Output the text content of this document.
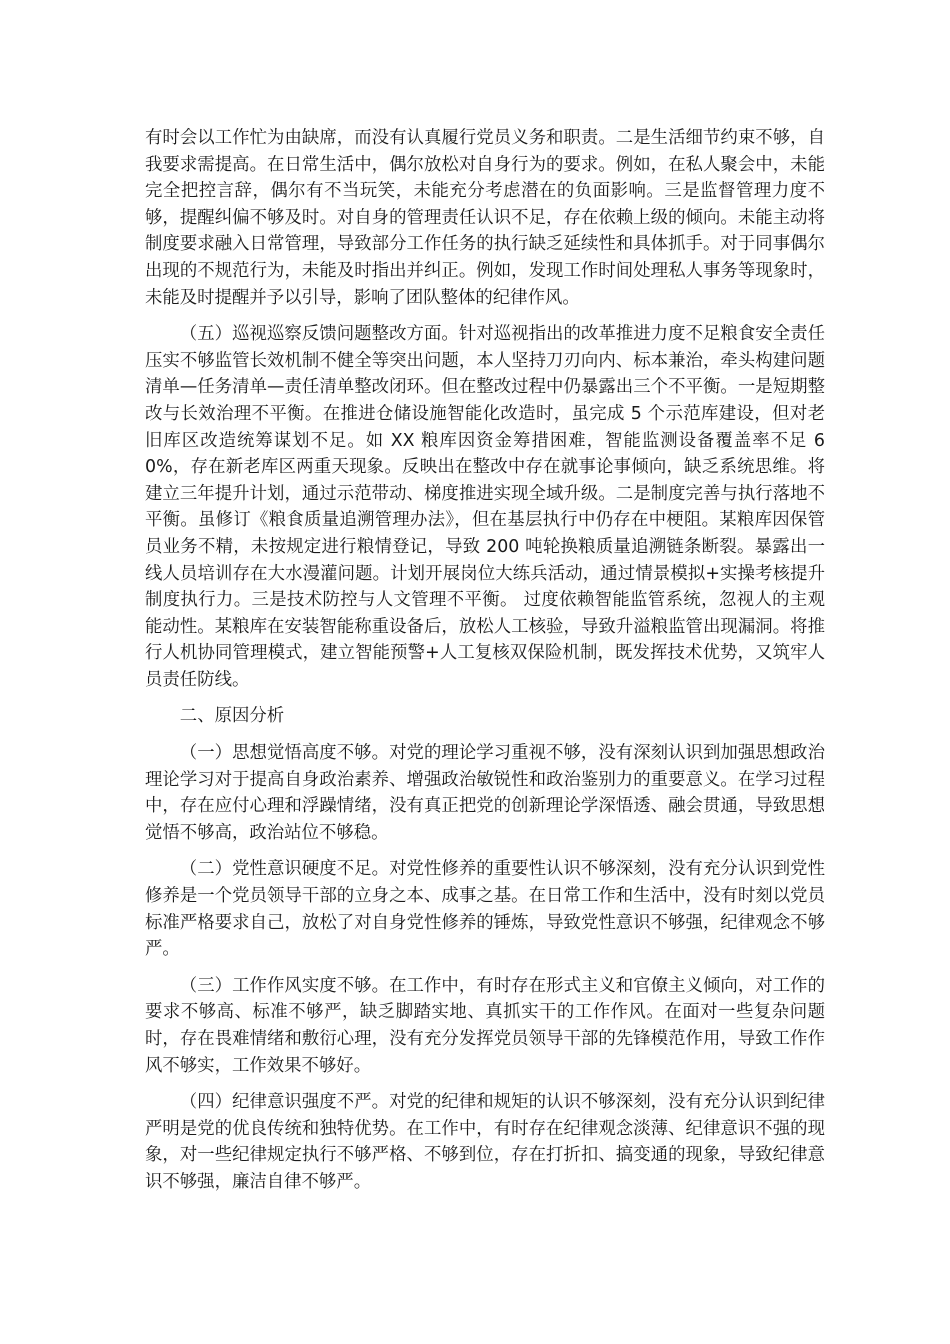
有时会以工作忙为由缺席，而没有认真履行党员义务和职责。二是生活细节约束不够，自我要求需提高。在日常生活中，偶尔放松对自身行为的要求。例如，在私人聚会中，未能完全把控言辞，偶尔有不当玩笑，未能充分考虑潜在的负面影响。三是监督管理力度不够，提醒纠偏不够及时。对自身的管理责任认识不足，存在依赖上级的倾向。未能主动将制度要求融入日常管理，导致部分工作任务的执行缺乏延续性和具体抓手。对于同事偶尔出现的不规范行为，未能及时指出并纠正。例如，发现工作时间处理私人事务等现象时，未能及时提醒并予以引导，影响了团队整体的纪律作风。

（五）巡视巡察反馈问题整改方面。针对巡视指出的改革推进力度不足粮食安全责任压实不够监管长效机制不健全等突出问题，本人坚持刀刃向内、标本兼治，牵头构建问题清单—任务清单—责任清单整改闭环。但在整改过程中仍暴露出三个不平衡。一是短期整改与长效治理不平衡。在推进仓储设施智能化改造时，虽完成 5 个示范库建设，但对老旧库区改造统筹谋划不足。如 XX 粮库因资金筹措困难，智能监测设备覆盖率不足 60%，存在新老库区两重天现象。反映出在整改中存在就事论事倾向，缺乏系统思维。将建立三年提升计划，通过示范带动、梯度推进实现全域升级。二是制度完善与执行落地不平衡。虽修订《粮食质量追溯管理办法》，但在基层执行中仍存在中梗阻。某粮库因保管员业务不精，未按规定进行粮情登记，导致 200 吨轮换粮质量追溯链条断裂。暴露出一线人员培训存在大水漫灌问题。计划开展岗位大练兵活动，通过情景模拟+实操考核提升制度执行力。三是技术防控与人文管理不平衡。 过度依赖智能监管系统，忽视人的主观能动性。某粮库在安装智能称重设备后，放松人工核验，导致升溢粮监管出现漏洞。将推行人机协同管理模式，建立智能预警+人工复核双保险机制，既发挥技术优势，又筑牢人员责任防线。

二、原因分析

（一）思想觉悟高度不够。对党的理论学习重视不够，没有深刻认识到加强思想政治理论学习对于提高自身政治素养、增强政治敏锐性和政治鉴别力的重要意义。在学习过程中，存在应付心理和浮躁情绪，没有真正把党的创新理论学深悟透、融会贯通，导致思想觉悟不够高，政治站位不够稳。

（二）党性意识硬度不足。对党性修养的重要性认识不够深刻，没有充分认识到党性修养是一个党员领导干部的立身之本、成事之基。在日常工作和生活中，没有时刻以党员标准严格要求自己，放松了对自身党性修养的锤炼，导致党性意识不够强，纪律观念不够严。

（三）工作作风实度不够。在工作中，有时存在形式主义和官僚主义倾向，对工作的要求不够高、标准不够严，缺乏脚踏实地、真抓实干的工作作风。在面对一些复杂问题时，存在畏难情绪和敷衍心理，没有充分发挥党员领导干部的先锋模范作用，导致工作作风不够实，工作效果不够好。

（四）纪律意识强度不严。对党的纪律和规矩的认识不够深刻，没有充分认识到纪律严明是党的优良传统和独特优势。在工作中，有时存在纪律观念淡薄、纪律意识不强的现象，对一些纪律规定执行不够严格、不够到位，存在打折扣、搞变通的现象，导致纪律意识不够强，廉洁自律不够严。
